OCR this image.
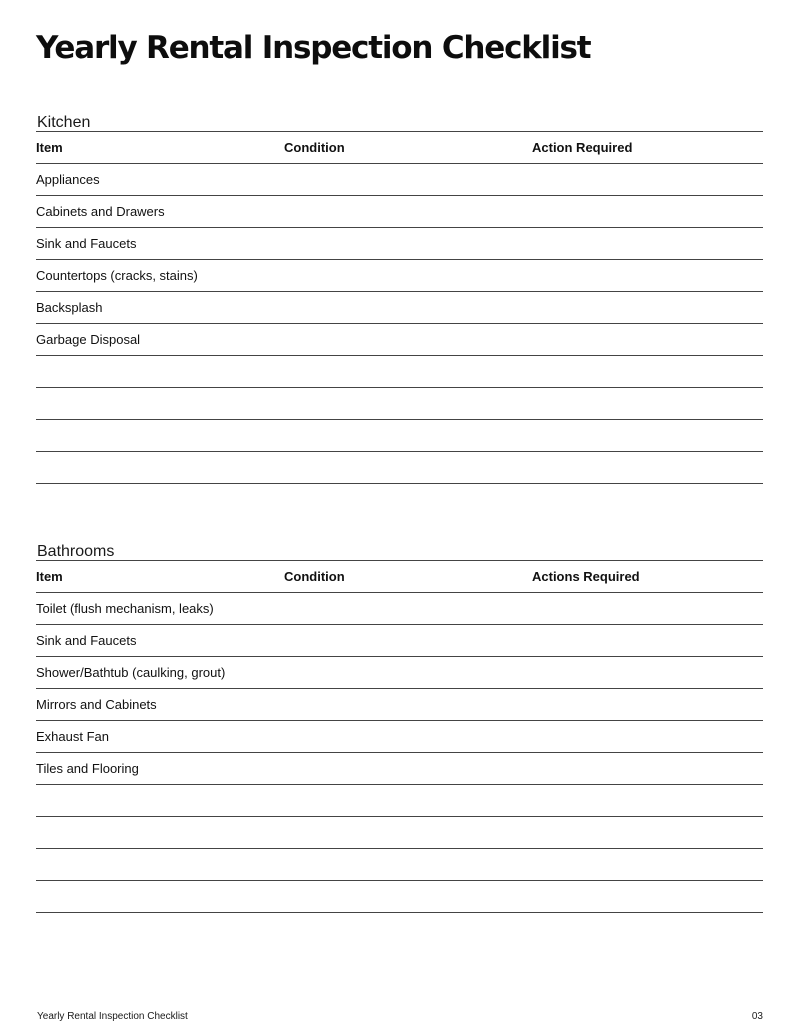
Yearly Rental Inspection Checklist
Kitchen
Item	Condition	Action Required
Appliances
Cabinets and Drawers
Sink and Faucets
Countertops (cracks, stains)
Backsplash
Garbage Disposal
Bathrooms
Item	Condition	Actions Required
Toilet (flush mechanism, leaks)
Sink and Faucets
Shower/Bathtub (caulking, grout)
Mirrors and Cabinets
Exhaust Fan
Tiles and Flooring
Yearly Rental Inspection Checklist	03
